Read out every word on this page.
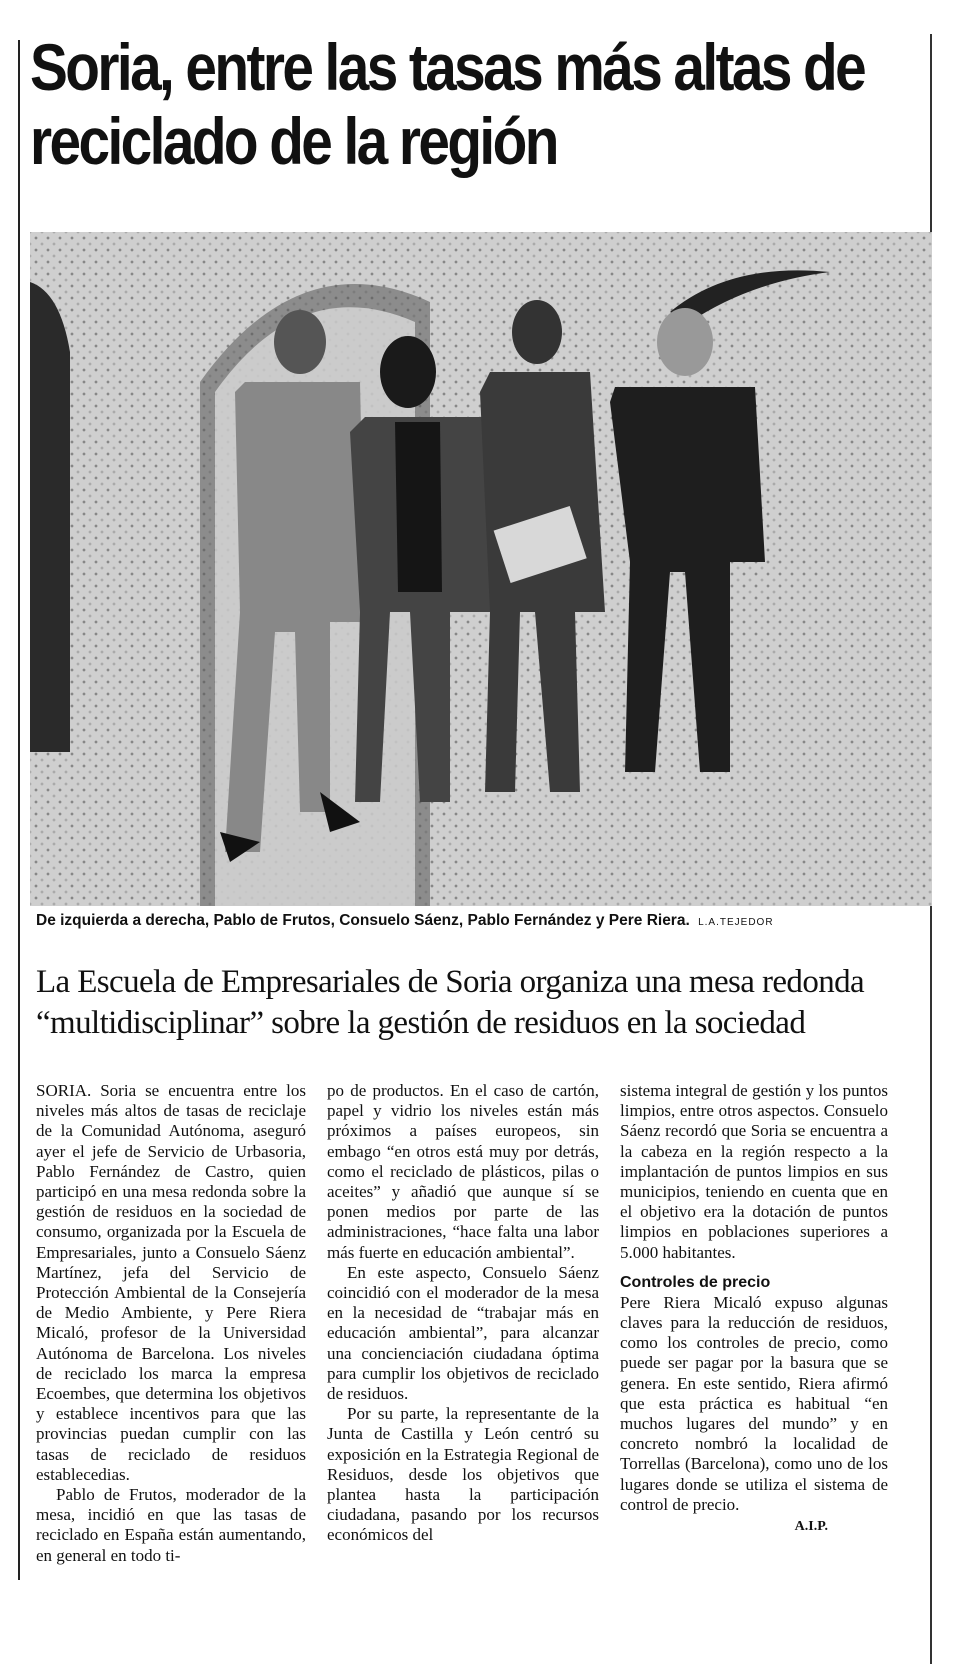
Soria, entre las tasas más altas de reciclado de la región
De izquierda a derecha, Pablo de Frutos, Consuelo Sáenz, Pablo Fernández y Pere Riera. L.A.TEJEDOR
La Escuela de Empresariales de Soria organiza una mesa redonda “multidisciplinar” sobre la gestión de residuos en la sociedad

SORIA. Soria se encuentra entre los niveles más altos de tasas de reciclaje de la Comunidad Autónoma, aseguró ayer el jefe de Servicio de Urbasoria, Pablo Fernández de Castro, quien participó en una mesa redonda sobre la gestión de residuos en la sociedad de consumo, organizada por la Escuela de Empresariales, junto a Consuelo Sáenz Martínez, jefa del Servicio de Protección Ambiental de la Consejería de Medio Ambiente, y Pere Riera Micaló, profesor de la Universidad Autónoma de Barcelona. Los niveles de reciclado los marca la empresa Ecoembes, que determina los objetivos y establece incentivos para que las provincias puedan cumplir con las tasas de reciclado de residuos establecedias.

Pablo de Frutos, moderador de la mesa, incidió en que las tasas de reciclado en España están aumentando, en general en todo ti-

po de productos. En el caso de cartón, papel y vidrio los niveles están más próximos a países europeos, sin embago “en otros está muy por detrás, como el reciclado de plásticos, pilas o aceites” y añadió que aunque sí se ponen medios por parte de las administraciones, “hace falta una labor más fuerte en educación ambiental”.

En este aspecto, Consuelo Sáenz coincidió con el moderador de la mesa en la necesidad de “trabajar más en educación ambiental”, para alcanzar una concienciación ciudadana óptima para cumplir los objetivos de reciclado de residuos.

Por su parte, la representante de la Junta de Castilla y León centró su exposición en la Estrategia Regional de Residuos, desde los objetivos que plantea hasta la participación ciudadana, pasando por los recursos económicos del

sistema integral de gestión y los puntos limpios, entre otros aspectos. Consuelo Sáenz recordó que Soria se encuentra a la cabeza en la región respecto a la implantación de puntos limpios en sus municipios, teniendo en cuenta que en el objetivo era la dotación de puntos limpios en poblaciones superiores a 5.000 habitantes.

Controles de precio

Pere Riera Micaló expuso algunas claves para la reducción de residuos, como los controles de precio, como puede ser pagar por la basura que se genera. En este sentido, Riera afirmó que esta práctica es habitual “en muchos lugares del mundo” y en concreto nombró la localidad de Torrellas (Barcelona), como uno de los lugares donde se utiliza el sistema de control de precio.

A.I.P.
